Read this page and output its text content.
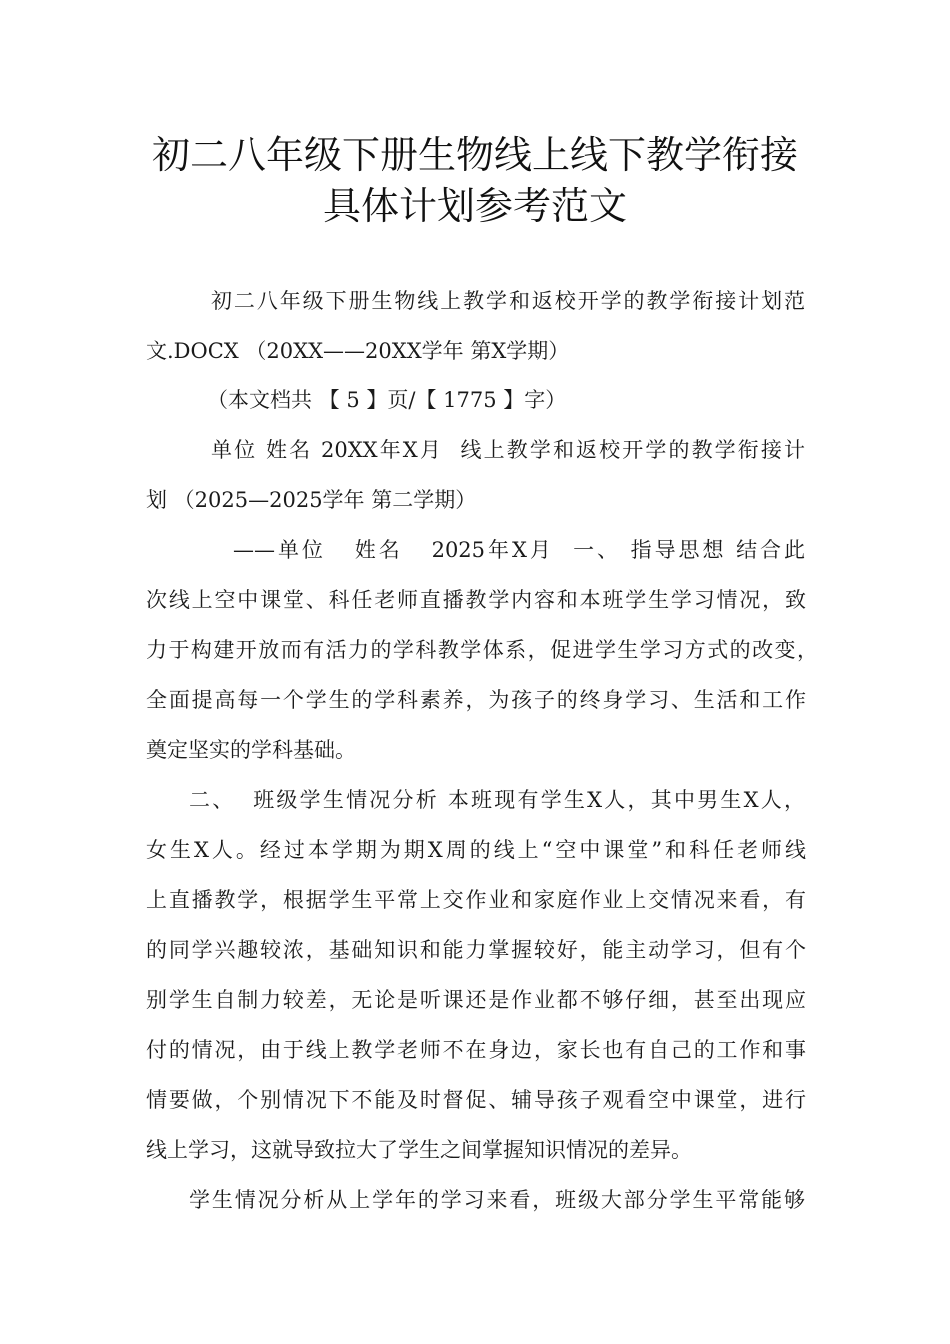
初二八年级下册生物线上线下教学衔接
具体计划参考范文
初二八年级下册生物线上教学和返校开学的教学衔接计划范
文.DOCX （20XX——20XX学年 第X学期）
（本文档共 【 5 】页/【 1775 】字）
单位 姓名 20XX年X月  线上教学和返校开学的教学衔接计
划 （2025—2025学年 第二学期）
——单位   姓名   2025年X月  一、 指导思想 结合此
次线上空中课堂、科任老师直播教学内容和本班学生学习情况，致
力于构建开放而有活力的学科教学体系，促进学生学习方式的改变，
全面提高每一个学生的学科素养，为孩子的终身学习、生活和工作
奠定坚实的学科基础。
二、  班级学生情况分析 本班现有学生X人，其中男生X人，
女生X人。经过本学期为期X周的线上“空中课堂”和科任老师线
上直播教学，根据学生平常上交作业和家庭作业上交情况来看，有
的同学兴趣较浓，基础知识和能力掌握较好，能主动学习，但有个
别学生自制力较差，无论是听课还是作业都不够仔细，甚至出现应
付的情况，由于线上教学老师不在身边，家长也有自己的工作和事
情要做，个别情况下不能及时督促、辅导孩子观看空中课堂，进行
线上学习，这就导致拉大了学生之间掌握知识情况的差异。
学生情况分析从上学年的学习来看，班级大部分学生平常能够
